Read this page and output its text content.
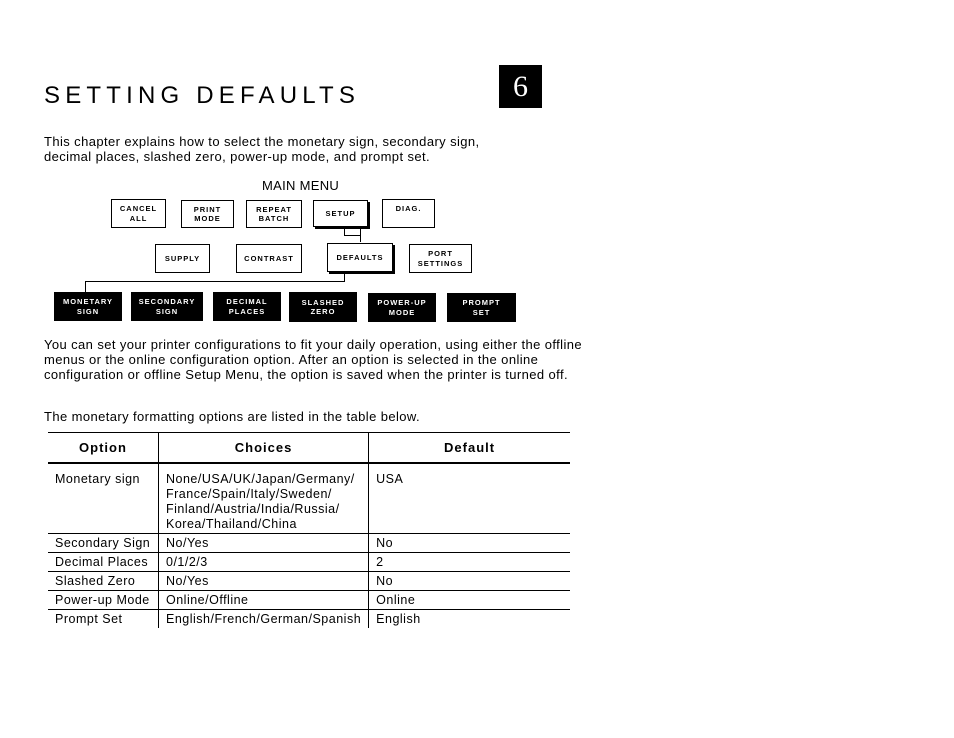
SETTING DEFAULTS	6

This chapter explains how to select the monetary sign, secondary sign, decimal places, slashed zero, power-up mode, and prompt set.

MAIN MENU
CANCEL
ALL
PRINT
MODE
REPEAT
BATCH
SETUP
DIAG.
SUPPLY	CONTRAST	DEFAULTS	PORT
SETTINGS
MONETARY
SIGN
SECONDARY
SIGN
DECIMAL
PLACES
SLASHED
ZERO
POWER-UP
MODE
PROMPT
SET

You can set your printer configurations to fit your daily operation, using either the offline menus or the online configuration option. After an option is selected in the online configuration or offline Setup Menu, the option is saved when the printer is turned off.

The monetary formatting options are listed in the table below.

Option	Choices	Default
Monetary sign	None/USA/UK/Japan/Germany/ France/Spain/Italy/Sweden/ Finland/Austria/India/Russia/ Korea/Thailand/China	USA
Secondary Sign	No/Yes	No
Decimal Places	0/1/2/3	2
Slashed Zero	No/Yes	No
Power-up Mode	Online/Offline	Online
Prompt Set	English/French/German/Spanish	English
